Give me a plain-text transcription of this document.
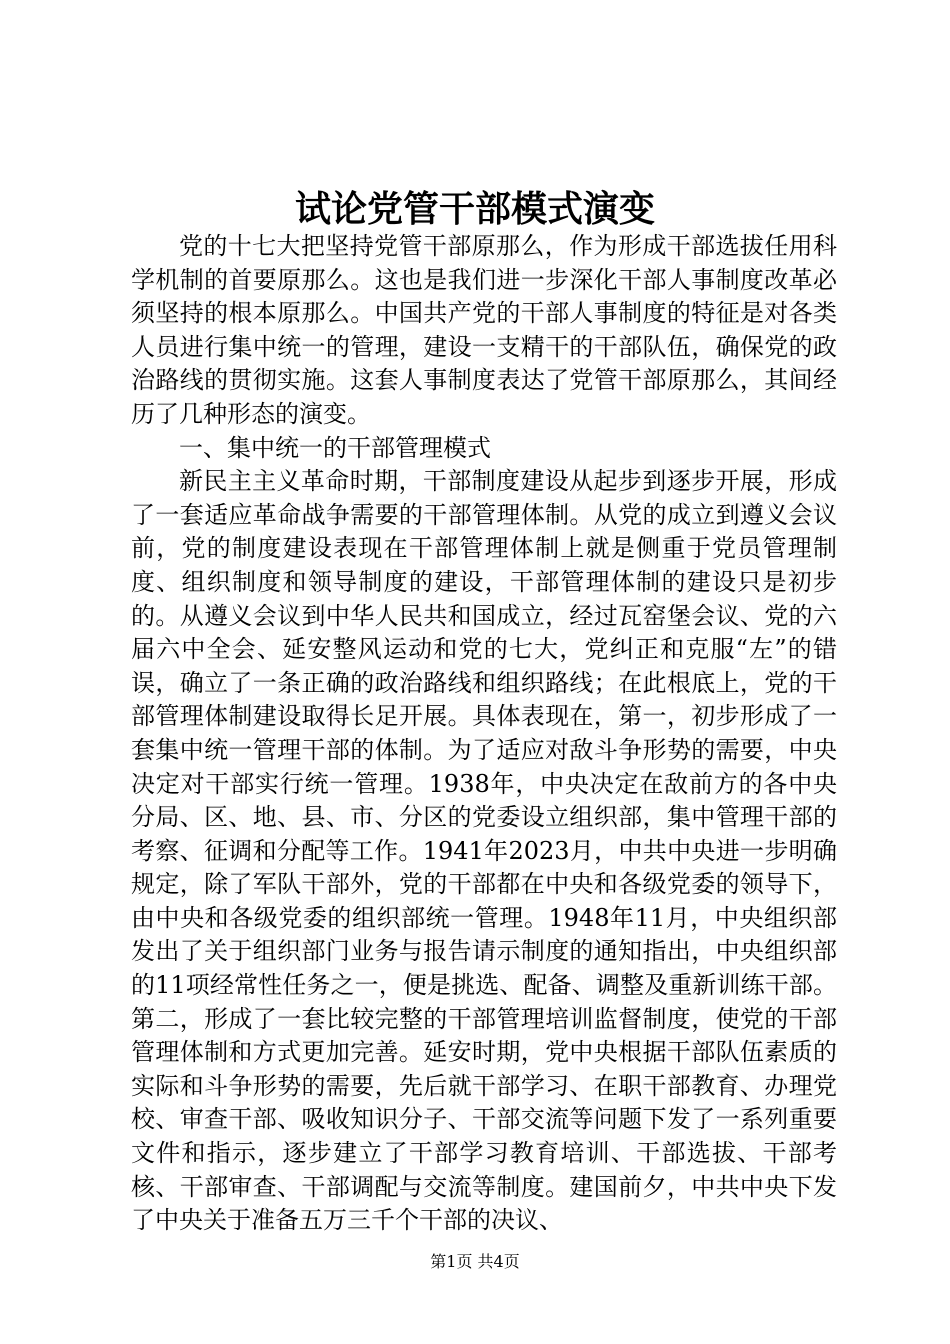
试论党管干部模式演变

党的十七大把坚持党管干部原那么，作为形成干部选拔任用科学机制的首要原那么。这也是我们进一步深化干部人事制度改革必须坚持的根本原那么。中国共产党的干部人事制度的特征是对各类人员进行集中统一的管理，建设一支精干的干部队伍，确保党的政治路线的贯彻实施。这套人事制度表达了党管干部原那么，其间经历了几种形态的演变。

一、集中统一的干部管理模式

新民主主义革命时期，干部制度建设从起步到逐步开展，形成了一套适应革命战争需要的干部管理体制。从党的成立到遵义会议前，党的制度建设表现在干部管理体制上就是侧重于党员管理制度、组织制度和领导制度的建设，干部管理体制的建设只是初步的。从遵义会议到中华人民共和国成立，经过瓦窑堡会议、党的六届六中全会、延安整风运动和党的七大，党纠正和克服“左”的错误，确立了一条正确的政治路线和组织路线；在此根底上，党的干部管理体制建设取得长足开展。具体表现在，第一，初步形成了一套集中统一管理干部的体制。为了适应对敌斗争形势的需要，中央决定对干部实行统一管理。1938年，中央决定在敌前方的各中央分局、区、地、县、市、分区的党委设立组织部，集中管理干部的考察、征调和分配等工作。1941年2023月，中共中央进一步明确规定，除了军队干部外，党的干部都在中央和各级党委的领导下，由中央和各级党委的组织部统一管理。1948年11月，中央组织部发出了关于组织部门业务与报告请示制度的通知指出，中央组织部的11项经常性任务之一，便是挑选、配备、调整及重新训练干部。第二，形成了一套比较完整的干部管理培训监督制度，使党的干部管理体制和方式更加完善。延安时期，党中央根据干部队伍素质的实际和斗争形势的需要，先后就干部学习、在职干部教育、办理党校、审查干部、吸收知识分子、干部交流等问题下发了一系列重要文件和指示，逐步建立了干部学习教育培训、干部选拔、干部考核、干部审查、干部调配与交流等制度。建国前夕，中共中央下发了中央关于准备五万三千个干部的决议、

第1页 共4页
